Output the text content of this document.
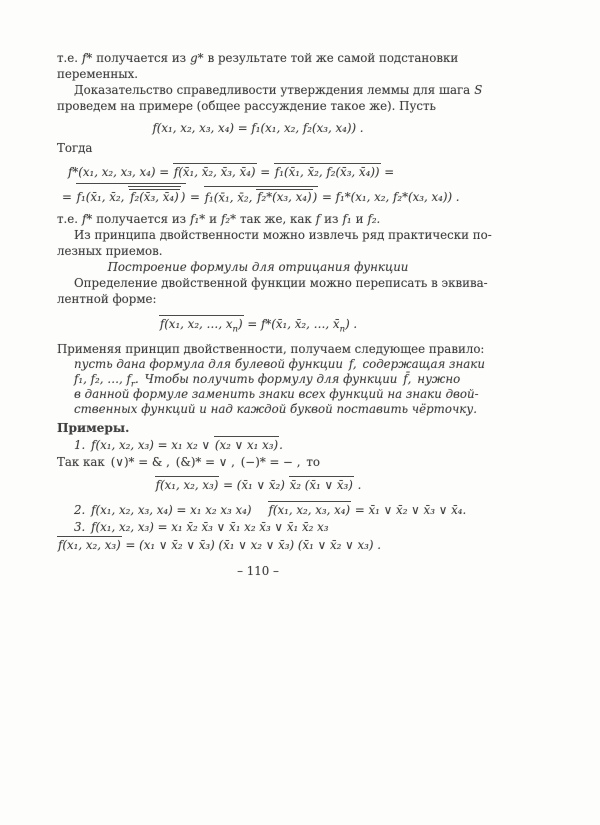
т.е. f* получается из g* в результате той же самой подстановки
переменных.
Доказательство справедливости утверждения леммы для шага S
проведем на примере (общее рассуждение такое же). Пусть
f(x₁, x₂, x₃, x₄) = f₁(x₁, x₂, f₂(x₃, x₄)) .
Тогда
f*(x₁, x₂, x₃, x₄) = f(x̄₁, x̄₂, x̄₃, x̄₄) = f₁(x̄₁, x̄₂, f₂(x̄₃, x̄₄)) =
= f₁(x̄₁, x̄₂, f₂(x̄₃, x̄₄) ) = f₁(x̄₁, x̄₂, f₂*(x₃, x₄)) = f₁*(x₁, x₂, f₂*(x₃, x₄)) .
т.е. f* получается из f₁* и f₂* так же, как f из f₁ и f₂.
Из принципа двойственности можно извлечь ряд практически по-
лезных приемов.
Построение формулы для отрицания функции
Определение двойственной функции можно переписать в эквива-
лентной форме:
f(x₁, x₂, …, $x_n$) = f*(x̄₁, x̄₂, …, $x̄_n$) .
Применяя принцип двойственности, получаем следующее правило:
пусть дана формула для булевой функции f, содержащая знаки
f₁, f₂, …, $f_r$. Чтобы получить формулу для функции f̄, нужно
в данной формуле заменить знаки всех функций на знаки двой-
ственных функций и над каждой буквой поставить чёрточку.
Примеры.
1. f(x₁, x₂, x₃) = x₁ x₂ ∨ (x₂ ∨ x₁ x₃).
Так как (∨)* = & , (&)* = ∨ , (−)* = − , то
f(x₁, x₂, x₃) = (x̄₁ ∨ x̄₂) x̄₂ (x̄₁ ∨ x̄₃) .
2. f(x₁, x₂, x₃, x₄) = x₁ x₂ x₃ x₄) f(x₁, x₂, x₃, x₄) = x̄₁ ∨ x̄₂ ∨ x̄₃ ∨ x̄₄.
3. f(x₁, x₂, x₃) = x₁ x̄₂ x̄₃ ∨ x̄₁ x₂ x̄₃ ∨ x̄₁ x̄₂ x₃
f(x₁, x₂, x₃) = (x₁ ∨ x̄₂ ∨ x̄₃) (x̄₁ ∨ x₂ ∨ x̄₃) (x̄₁ ∨ x̄₂ ∨ x₃) .
– 110 –
